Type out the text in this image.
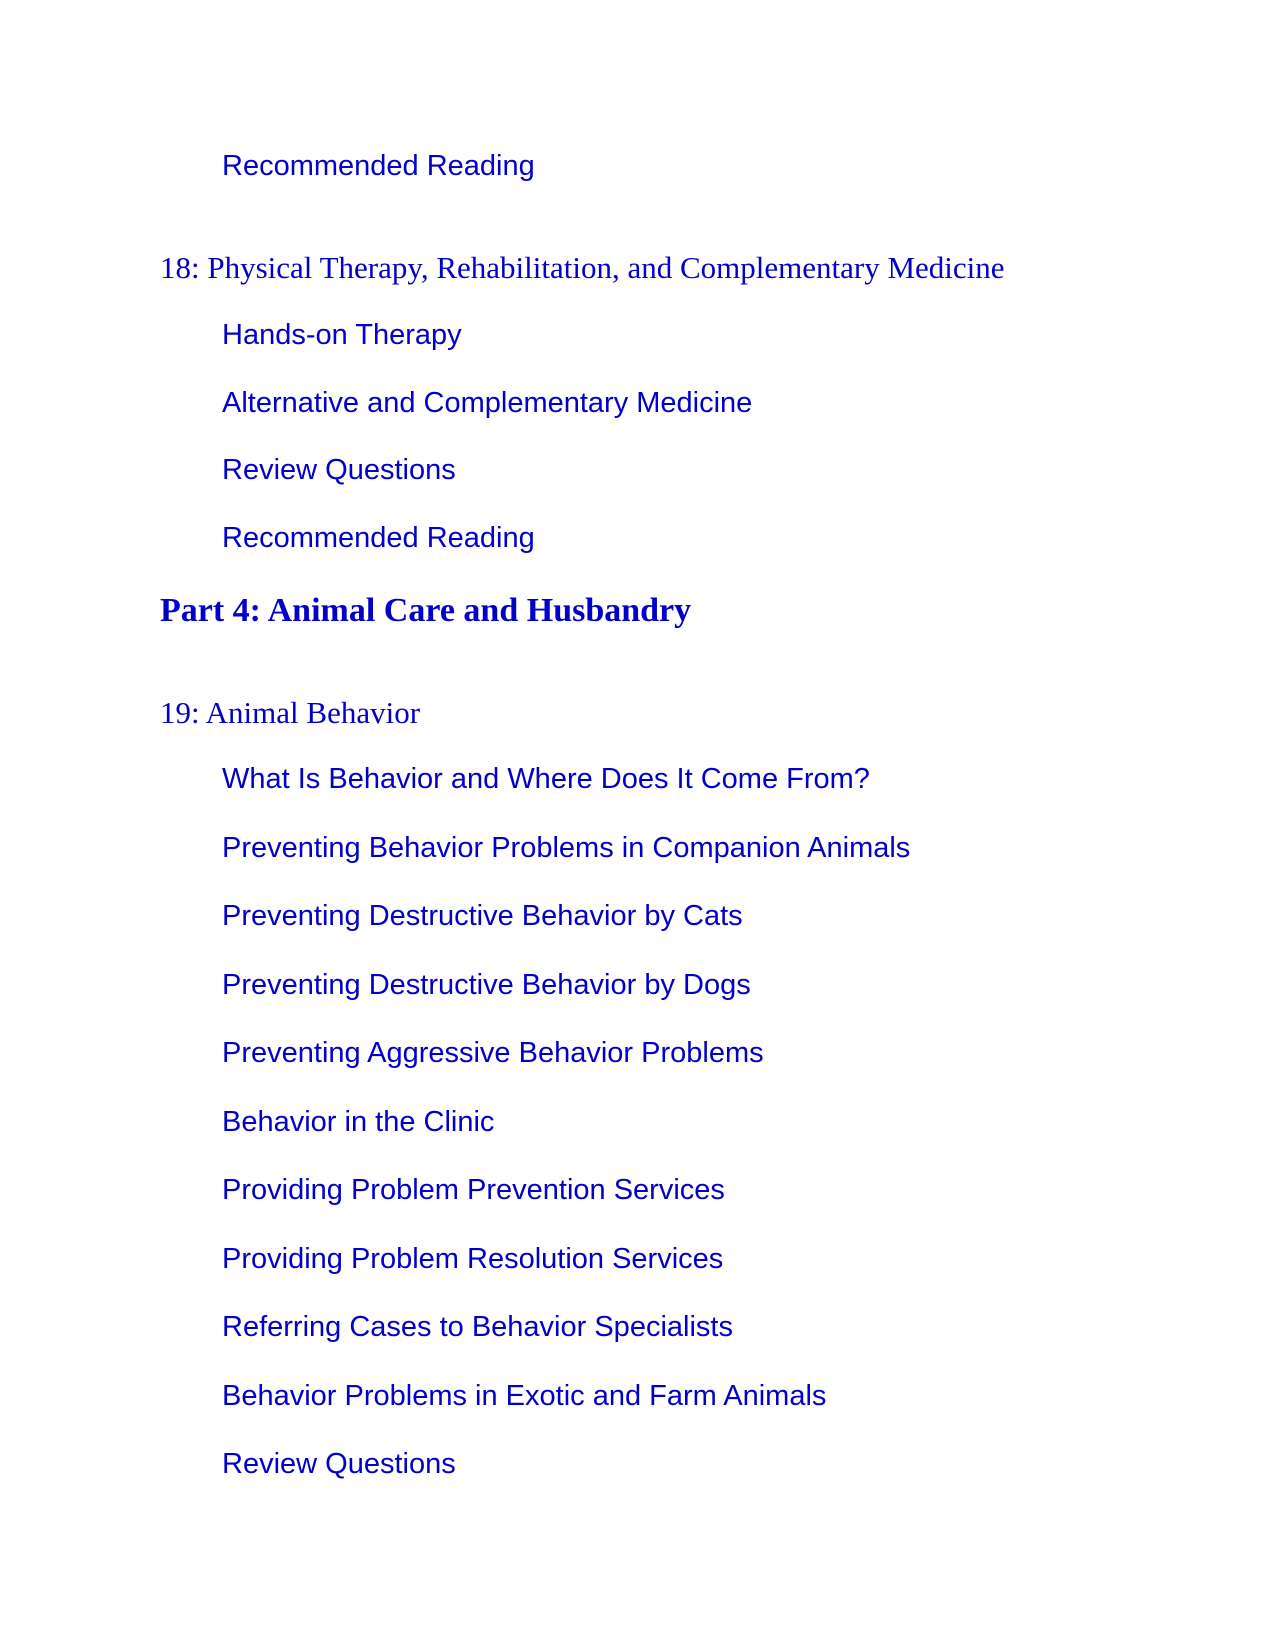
Recommended Reading
18: Physical Therapy, Rehabilitation, and Complementary Medicine
Hands-on Therapy
Alternative and Complementary Medicine
Review Questions
Recommended Reading
Part 4: Animal Care and Husbandry
19: Animal Behavior
What Is Behavior and Where Does It Come From?
Preventing Behavior Problems in Companion Animals
Preventing Destructive Behavior by Cats
Preventing Destructive Behavior by Dogs
Preventing Aggressive Behavior Problems
Behavior in the Clinic
Providing Problem Prevention Services
Providing Problem Resolution Services
Referring Cases to Behavior Specialists
Behavior Problems in Exotic and Farm Animals
Review Questions
